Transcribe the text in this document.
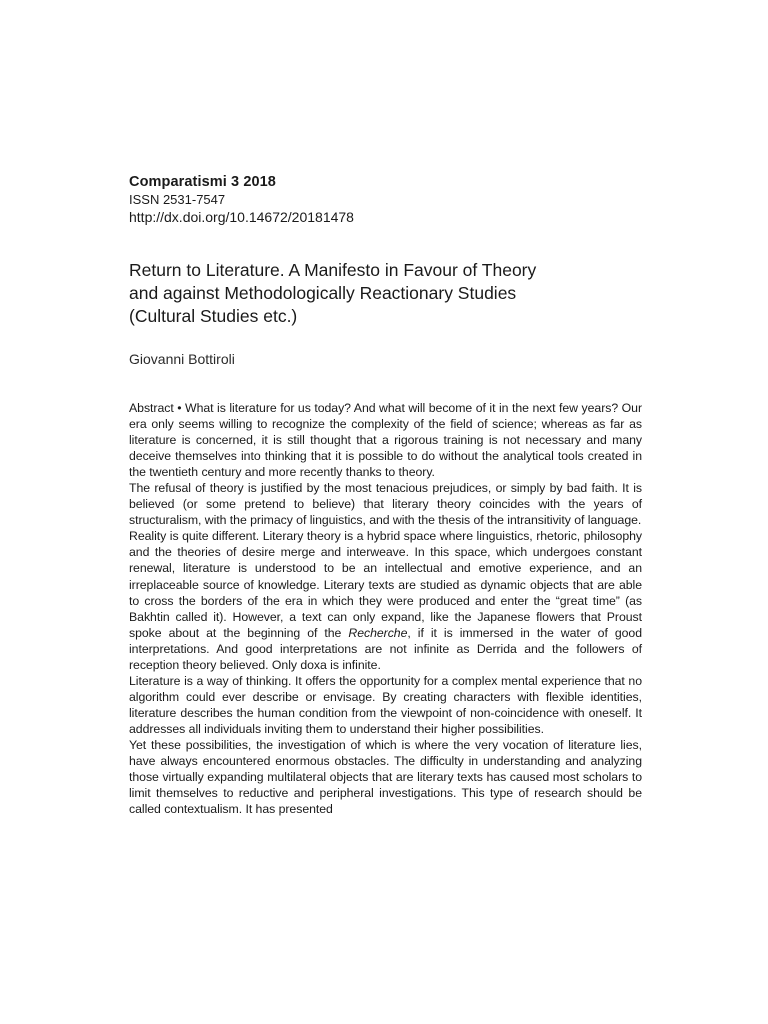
Comparatismi 3 2018
ISSN 2531-7547
http://dx.doi.org/10.14672/20181478
Return to Literature. A Manifesto in Favour of Theory
and against Methodologically Reactionary Studies
(Cultural Studies etc.)
Giovanni Bottiroli

Abstract • What is literature for us today? And what will become of it in the next few years? Our era only seems willing to recognize the complexity of the field of science; whereas as far as literature is concerned, it is still thought that a rigorous training is not necessary and many deceive themselves into thinking that it is possible to do without the analytical tools created in the twentieth century and more recently thanks to theory.

The refusal of theory is justified by the most tenacious prejudices, or simply by bad faith. It is believed (or some pretend to believe) that literary theory coincides with the years of structuralism, with the primacy of linguistics, and with the thesis of the intransitivity of language.

Reality is quite different. Literary theory is a hybrid space where linguistics, rhetoric, philosophy and the theories of desire merge and interweave. In this space, which undergoes constant renewal, literature is understood to be an intellectual and emotive experience, and an irreplaceable source of knowledge. Literary texts are studied as dynamic objects that are able to cross the borders of the era in which they were produced and enter the “great time” (as Bakhtin called it). However, a text can only expand, like the Japanese flowers that Proust spoke about at the beginning of the Recherche, if it is immersed in the water of good interpretations. And good interpretations are not infinite as Derrida and the followers of reception theory believed. Only doxa is infinite.

Literature is a way of thinking. It offers the opportunity for a complex mental experience that no algorithm could ever describe or envisage. By creating characters with flexible identities, literature describes the human condition from the viewpoint of non-coincidence with oneself. It addresses all individuals inviting them to understand their higher possibilities.

Yet these possibilities, the investigation of which is where the very vocation of literature lies, have always encountered enormous obstacles. The difficulty in understanding and analyzing those virtually expanding multilateral objects that are literary texts has caused most scholars to limit themselves to reductive and peripheral investigations. This type of research should be called contextualism. It has presented
